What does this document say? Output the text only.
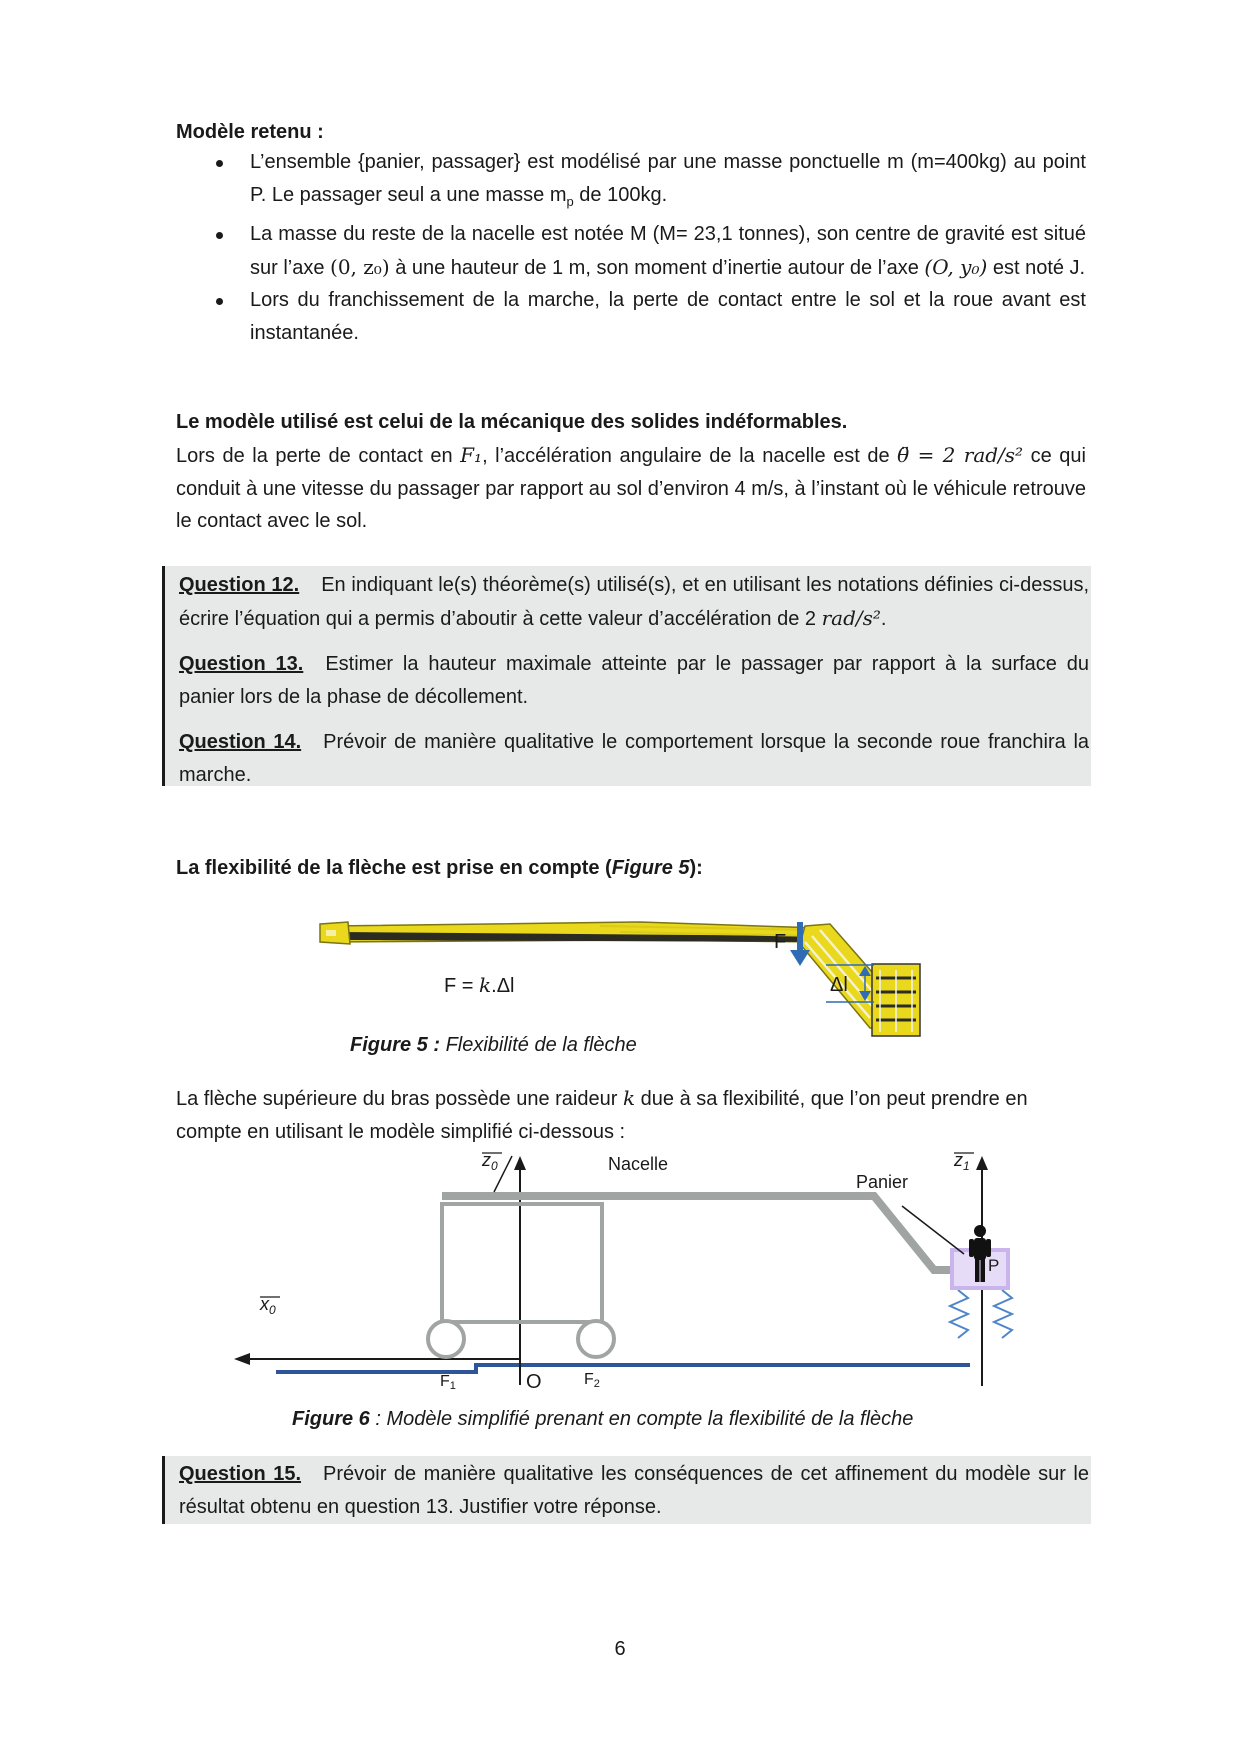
Modèle retenu :
L’ensemble {panier, passager} est modélisé par une masse ponctuelle m (m=400kg) au point P. Le passager seul a une masse $m_p$ de 100kg.
La masse du reste de la nacelle est notée M (M= 23,1 tonnes), son centre de gravité est situé sur l’axe (0, z₀) à une hauteur de 1 m, son moment d’inertie autour de l’axe (O, y₀) est noté J.
Lors du franchissement de la marche, la perte de contact entre le sol et la roue avant est instantanée.
Le modèle utilisé est celui de la mécanique des solides indéformables.
Lors de la perte de contact en F₁, l’accélération angulaire de la nacelle est de θ̈ = 2 rad/s² ce qui conduit à une vitesse du passager par rapport au sol d’environ 4 m/s, à l’instant où le véhicule retrouve le contact avec le sol.
Question 12. En indiquant le(s) théorème(s) utilisé(s), et en utilisant les notations définies ci-dessus, écrire l’équation qui a permis d’aboutir à cette valeur d’accélération de 2 rad/s².
Question 13. Estimer la hauteur maximale atteinte par le passager par rapport à la surface du panier lors de la phase de décollement.
Question 14. Prévoir de manière qualitative le comportement lorsque la seconde roue franchira la marche.
La flexibilité de la flèche est prise en compte (Figure 5):
F
Δl
F = k.Δl
Figure 5 : Flexibilité de la flèche
La flèche supérieure du bras possède une raideur k due à sa flexibilité, que l’on peut prendre en compte en utilisant le modèle simplifié ci-dessous :
P
Nacelle
Panier
$z_0$	$z_1$
$x_0$
O
F1	F2
Figure 6 : Modèle simplifié prenant en compte la flexibilité de la flèche
Question 15. Prévoir de manière qualitative les conséquences de cet affinement du modèle sur le résultat obtenu en question 13. Justifier votre réponse.
6
